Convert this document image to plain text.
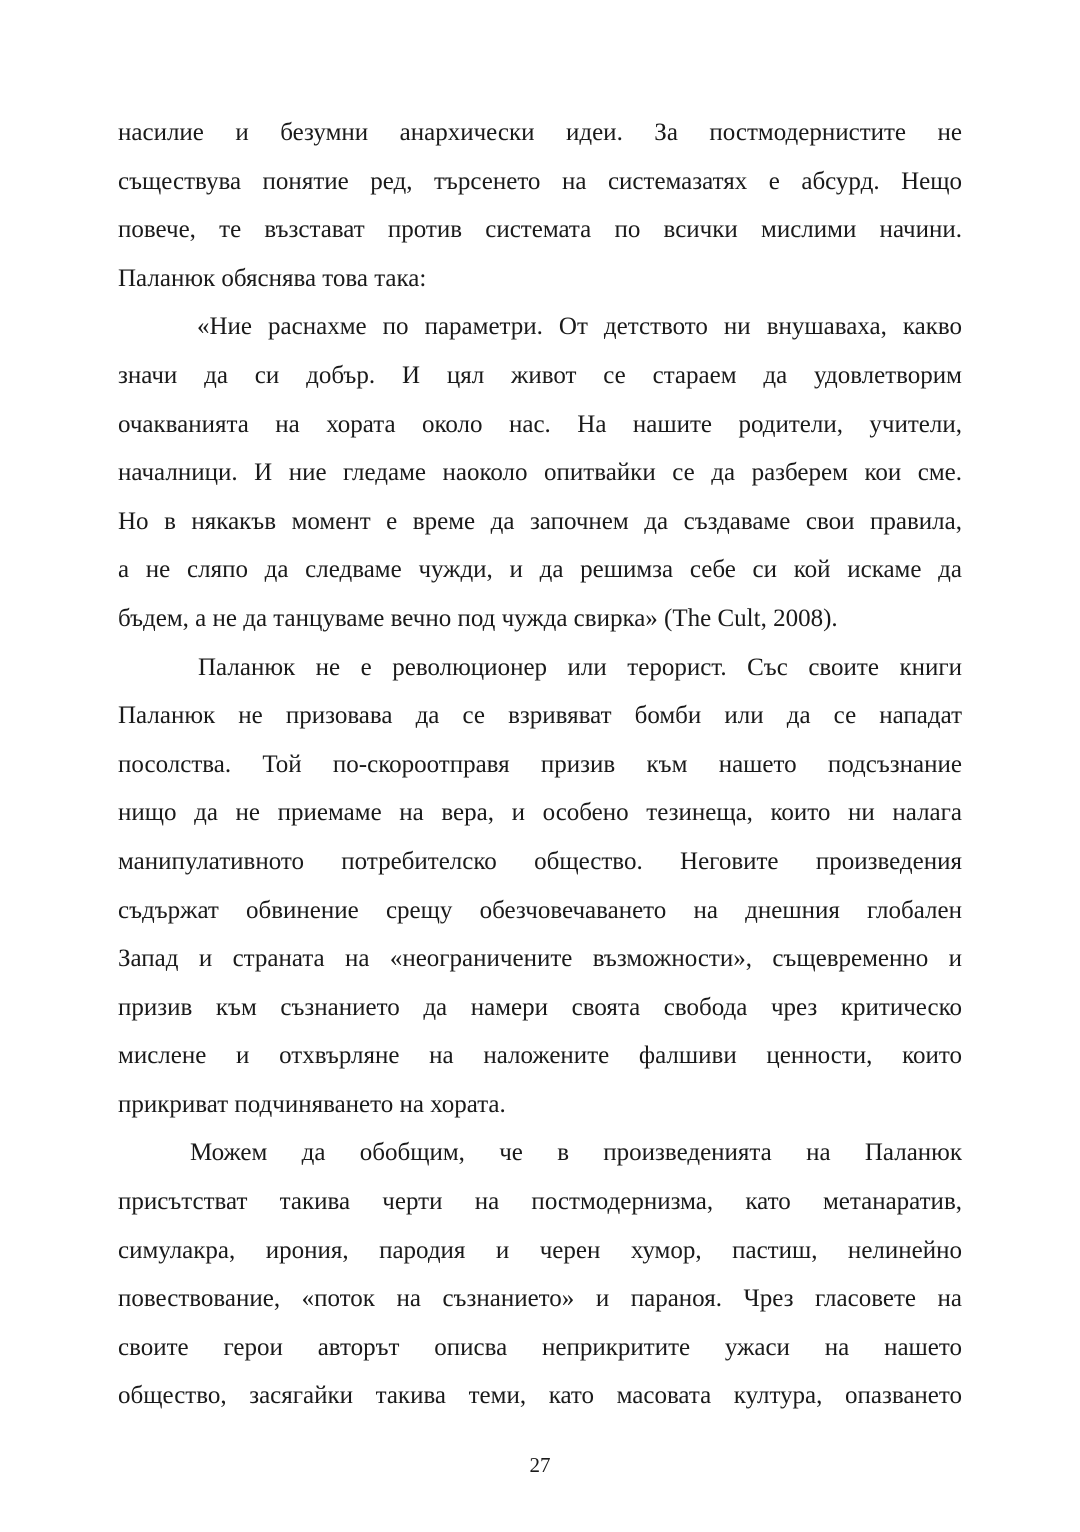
насилие и безумни анархически идеи. За постмодернистите не
съществува понятие ред, търсенето на системазатях е абсурд. Нещо
повече, те възстават против системата по всички мислими начини.
Паланюк обяснява това така:
«Ние раснахме по параметри. От детството ни внушаваха, какво
значи да си добър. И цял живот се стараем да удовлетворим
очакванията на хората около нас. На нашите родители, учители,
началници. И ние гледаме наоколо опитвайки се да разберем кои сме.
Но в някакъв момент е време да започнем да създаваме свои правила,
а не сляпо да следваме чужди, и да решимза себе си кой искаме да
бъдем, а не да танцуваме вечно под чужда свирка» (The Cult, 2008).
Паланюк не е революционер или терорист. Със своите книги
Паланюк не призовава да се взривяват бомби или да се нападат
посолства. Той по-скороотправя призив към нашето подсъзнание
нищо да не приемаме на вера, и особено тезинеща, които ни налага
манипулативното потребителско общество. Неговите произведения
съдържат обвинение срещу обезчовечаването на днешния глобален
Запад и страната на «неограничените възможности», същевременно и
призив към съзнанието да намери своята свобода чрез критическо
мислене и отхвърляне на наложените фалшиви ценности, които
прикриват подчиняването на хората.
Можем да обобщим, че в произведенията на Паланюк
присътстват такива черти на постмодернизма, като метанаратив,
симулакра, ирония, пародия и черен хумор, пастиш, нелинейно
повествование, «поток на съзнанието» и параноя. Чрез гласовете на
своите герои авторът описва неприкритите ужаси на нашето
общество, засягайки такива теми, като масовата култура, опазването
27
